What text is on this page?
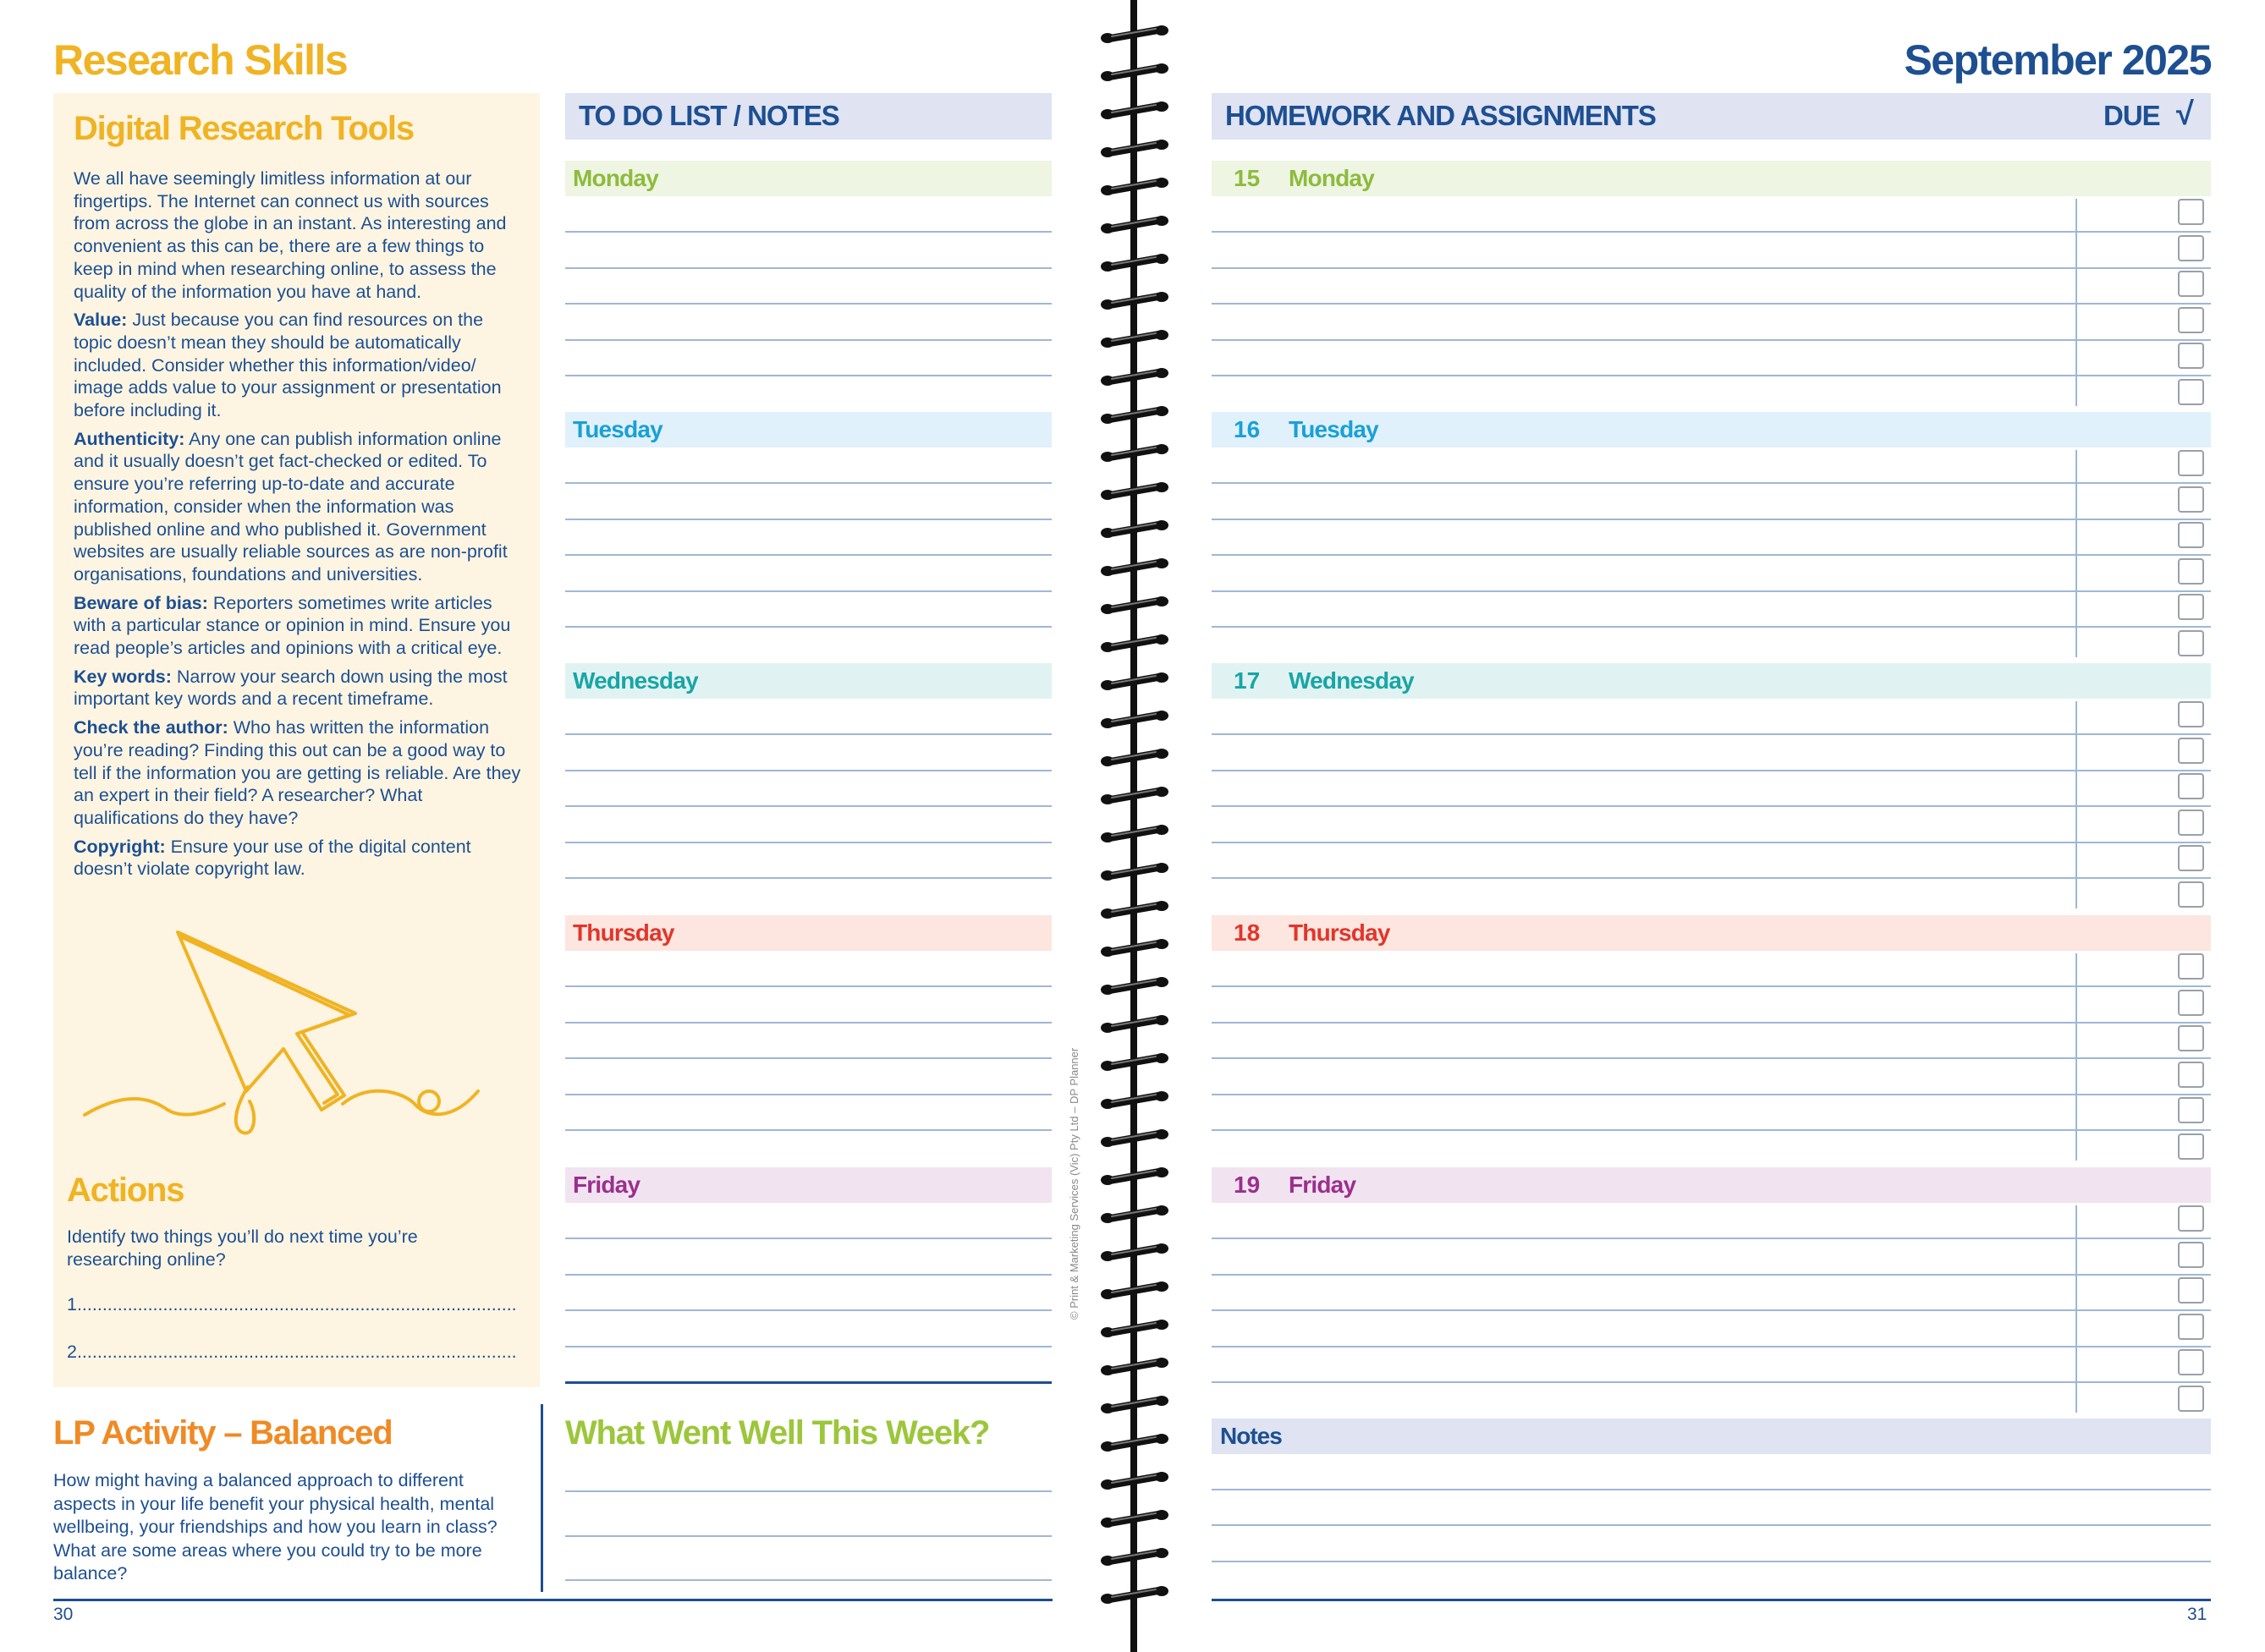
Research Skills
Digital Research Tools

We all have seemingly limitless information at our fingertips. The Internet can connect us with sources from across the globe in an instant. As interesting and convenient as this can be, there are a few things to keep in mind when researching online, to assess the quality of the information you have at hand.

Value: Just because you can find resources on the topic doesn’t mean they should be automatically included. Consider whether this information/video/ image adds value to your assignment or presentation before including it.

Authenticity: Any one can publish information online and it usually doesn’t get fact-checked or edited. To ensure you’re referring up-to-date and accurate information, consider when the information was published online and who published it. Government websites are usually reliable sources as are non-profit organisations, foundations and universities.

Beware of bias: Reporters sometimes write articles with a particular stance or opinion in mind. Ensure you read people’s articles and opinions with a critical eye.

Key words: Narrow your search down using the most important key words and a recent timeframe.

Check the author: Who has written the information you’re reading? Finding this out can be a good way to tell if the information you are getting is reliable. Are they an expert in their field? A researcher? What qualifications do they have?

Copyright: Ensure your use of the digital content doesn’t violate copyright law.

Actions
Identify two things you’ll do next time you’re researching online?
1.......................................................................................
2.......................................................................................
LP Activity – Balanced
How might having a balanced approach to different aspects in your life benefit your physical health, mental wellbeing, your friendships and how you learn in class? What are some areas where you could try to be more balance?
TO DO LIST / NOTES
Monday
Tuesday
Wednesday
Thursday
Friday
What Went Well This Week?
30
© Print & Marketing Services (Vic) Pty Ltd – DP Planner
September 2025
HOMEWORK AND ASSIGNMENTS	DUE √
15 Monday
16 Tuesday
17 Wednesday
18 Thursday
19 Friday
Notes
31
